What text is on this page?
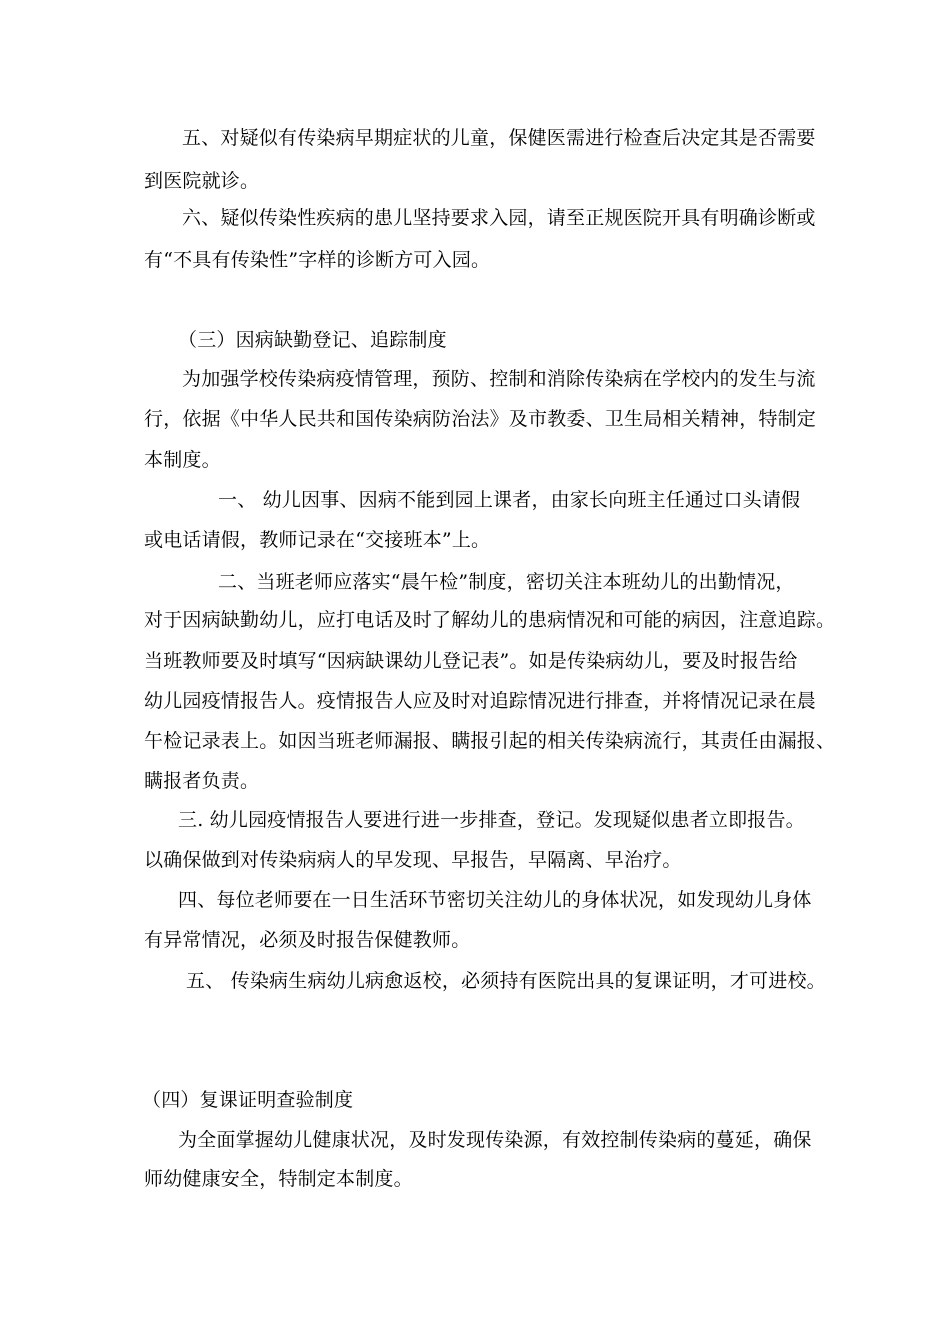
五、对疑似有传染病早期症状的儿童，保健医需进行检查后决定其是否需要
到医院就诊。
六、疑似传染性疾病的患儿坚持要求入园，请至正规医院开具有明确诊断或
有“不具有传染性”字样的诊断方可入园。
（三）因病缺勤登记、追踪制度
为加强学校传染病疫情管理，预防、控制和消除传染病在学校内的发生与流
行，依据《中华人民共和国传染病防治法》及市教委、卫生局相关精神，特制定
本制度。
一、 幼儿因事、因病不能到园上课者，由家长向班主任通过口头请假
或电话请假，教师记录在“交接班本”上。
二、当班老师应落实“晨午检”制度，密切关注本班幼儿的出勤情况，
对于因病缺勤幼儿，应打电话及时了解幼儿的患病情况和可能的病因，注意追踪。
当班教师要及时填写“因病缺课幼儿登记表”。如是传染病幼儿，要及时报告给
幼儿园疫情报告人。疫情报告人应及时对追踪情况进行排查，并将情况记录在晨
午检记录表上。如因当班老师漏报、瞒报引起的相关传染病流行，其责任由漏报、
瞒报者负责。
三. 幼儿园疫情报告人要进行进一步排查，登记。发现疑似患者立即报告。
以确保做到对传染病病人的早发现、早报告，早隔离、早治疗。
四、每位老师要在一日生活环节密切关注幼儿的身体状况，如发现幼儿身体
有异常情况，必须及时报告保健教师。
五、 传染病生病幼儿病愈返校，必须持有医院出具的复课证明，才可进校。
（四）复课证明查验制度
为全面掌握幼儿健康状况，及时发现传染源，有效控制传染病的蔓延，确保
师幼健康安全，特制定本制度。
